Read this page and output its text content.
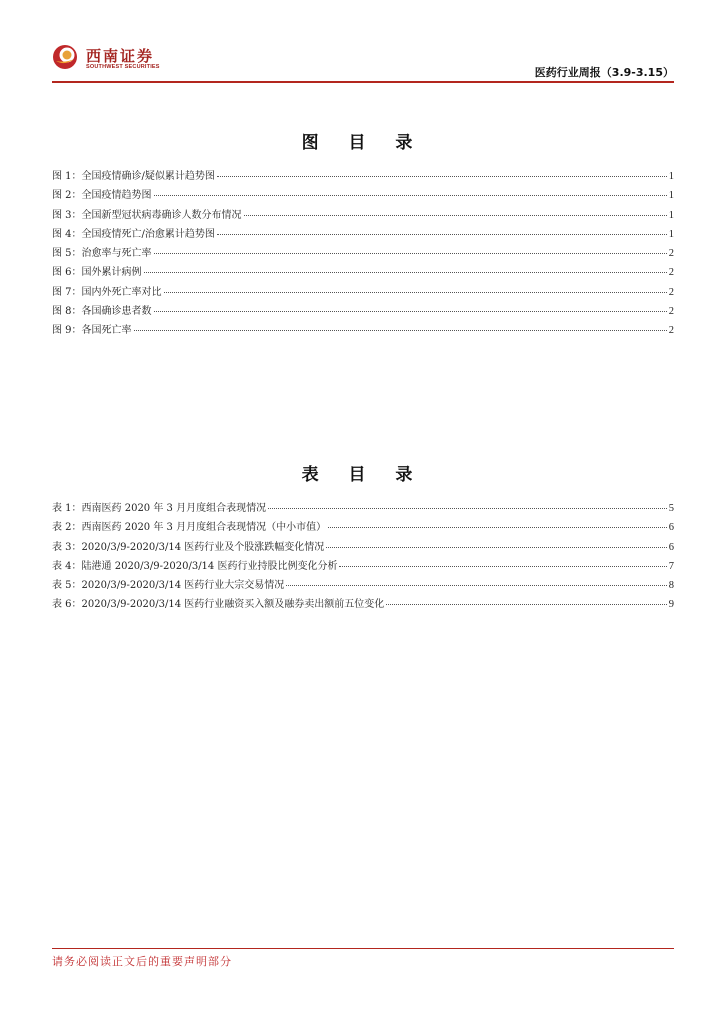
西南证券
SOUTHWEST SECURITIES	医药行业周报（3.9-3.15）
图 目 录
图 1：全国疫情确诊/疑似累计趋势图	1
图 2：全国疫情趋势图	1
图 3：全国新型冠状病毒确诊人数分布情况	1
图 4：全国疫情死亡/治愈累计趋势图	1
图 5：治愈率与死亡率	2
图 6：国外累计病例	2
图 7：国内外死亡率对比	2
图 8：各国确诊患者数	2
图 9：各国死亡率	2
表 目 录
表 1：西南医药 2020 年 3 月月度组合表现情况	5
表 2：西南医药 2020 年 3 月月度组合表现情况（中小市值）	6
表 3：2020/3/9-2020/3/14 医药行业及个股涨跌幅变化情况	6
表 4：陆港通 2020/3/9-2020/3/14 医药行业持股比例变化分析	7
表 5：2020/3/9-2020/3/14 医药行业大宗交易情况	8
表 6：2020/3/9-2020/3/14 医药行业融资买入额及融券卖出额前五位变化	9
请务必阅读正文后的重要声明部分
